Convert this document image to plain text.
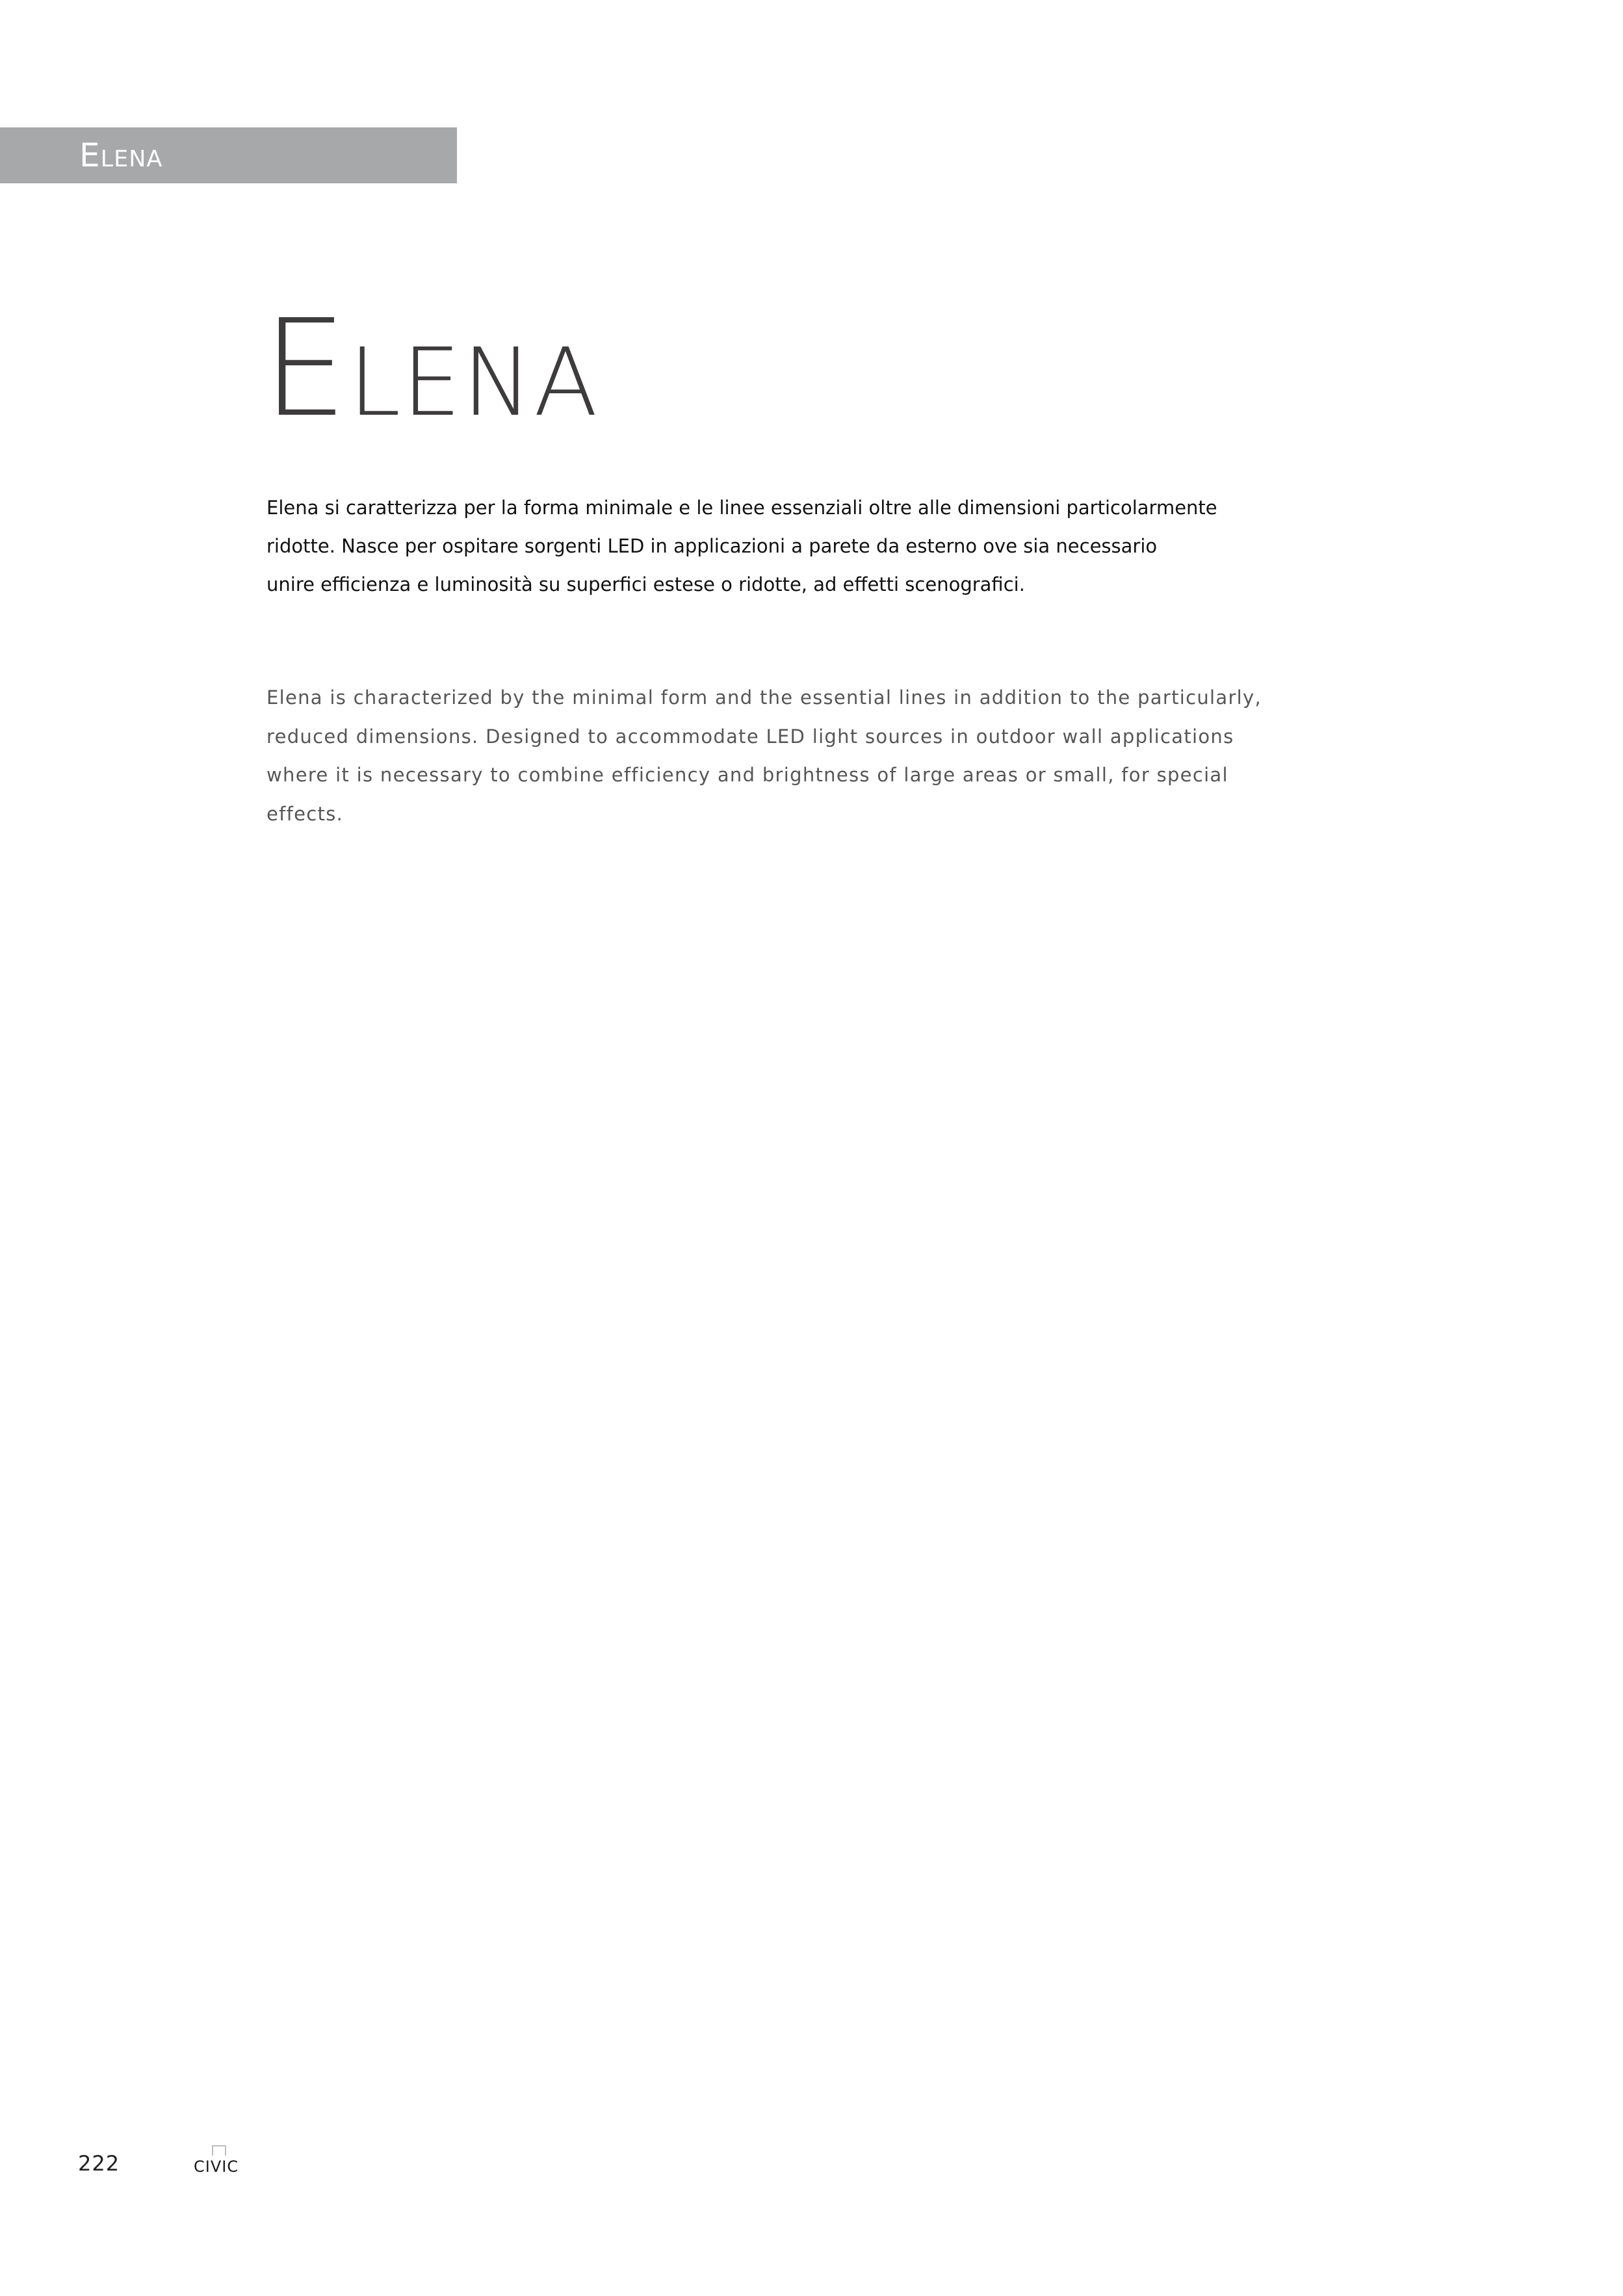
Elena
Elena

Elena si caratterizza per la forma minimale e le linee essenziali oltre alle dimensioni particolarmente
ridotte. Nasce per ospitare sorgenti LED in applicazioni a parete da esterno ove sia necessario
unire efficienza e luminosità su superfici estese o ridotte, ad effetti scenografici.

Elena is characterized by the minimal form and the essential lines in addition to the particularly,
reduced dimensions. Designed to accommodate LED light sources in outdoor wall applications
where it is necessary to combine efficiency and brightness of large areas or small, for special
effects.

222	civic
